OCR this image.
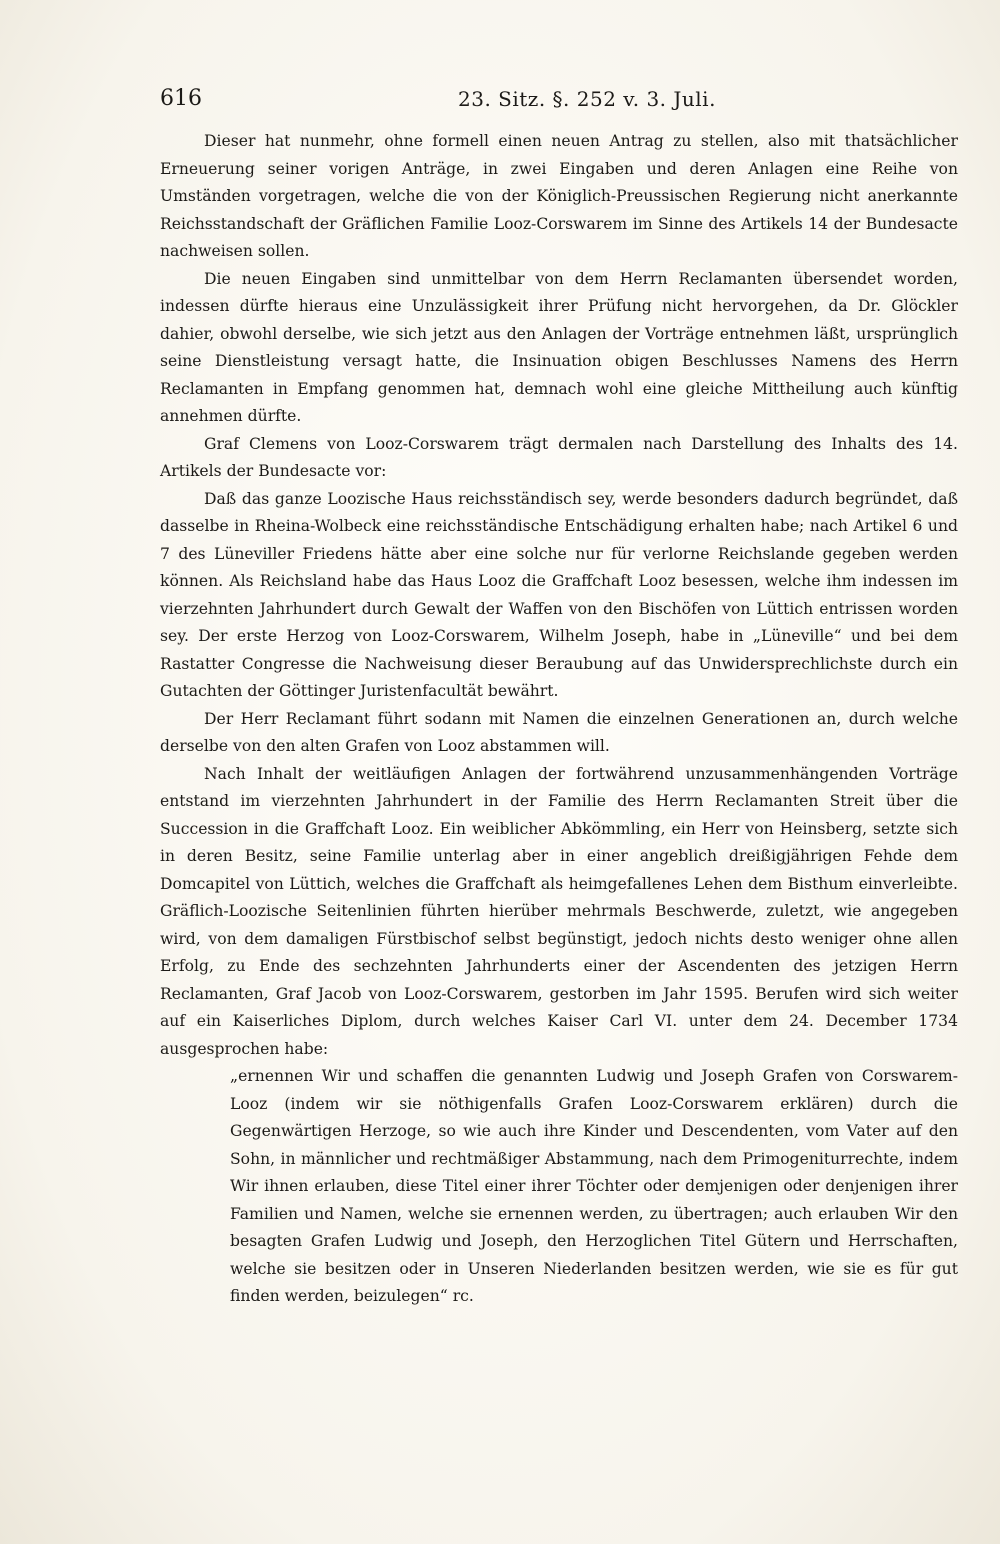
616	23. Sitz. §. 252 v. 3. Juli.

Dieser hat nunmehr, ohne formell einen neuen Antrag zu stellen, also mit thatsächlicher Erneuerung seiner vorigen Anträge, in zwei Eingaben und deren Anlagen eine Reihe von Umständen vorgetragen, welche die von der Königlich-Preussischen Regierung nicht anerkannte Reichsstandschaft der Gräflichen Familie Looz-Corswarem im Sinne des Artikels 14 der Bundesacte nachweisen sollen.

Die neuen Eingaben sind unmittelbar von dem Herrn Reclamanten übersendet worden, indessen dürfte hieraus eine Unzulässigkeit ihrer Prüfung nicht hervorgehen, da Dr. Glöckler dahier, obwohl derselbe, wie sich jetzt aus den Anlagen der Vorträge entnehmen läßt, ursprünglich seine Dienstleistung versagt hatte, die Insinuation obigen Beschlusses Namens des Herrn Reclamanten in Empfang genommen hat, demnach wohl eine gleiche Mittheilung auch künftig annehmen dürfte.

Graf Clemens von Looz-Corswarem trägt dermalen nach Darstellung des Inhalts des 14. Artikels der Bundesacte vor:

Daß das ganze Loozische Haus reichsständisch sey, werde besonders dadurch begründet, daß dasselbe in Rheina-Wolbeck eine reichsständische Entschädigung erhalten habe; nach Artikel 6 und 7 des Lüneviller Friedens hätte aber eine solche nur für verlorne Reichslande gegeben werden können. Als Reichsland habe das Haus Looz die Graffchaft Looz besessen, welche ihm indessen im vierzehnten Jahrhundert durch Gewalt der Waffen von den Bischöfen von Lüttich entrissen worden sey. Der erste Herzog von Looz-Corswarem, Wilhelm Joseph, habe in „Lüneville“ und bei dem Rastatter Congresse die Nachweisung dieser Beraubung auf das Unwidersprechlichste durch ein Gutachten der Göttinger Juristenfacultät bewährt.

Der Herr Reclamant führt sodann mit Namen die einzelnen Generationen an, durch welche derselbe von den alten Grafen von Looz abstammen will.

Nach Inhalt der weitläufigen Anlagen der fortwährend unzusammenhängenden Vorträge entstand im vierzehnten Jahrhundert in der Familie des Herrn Reclamanten Streit über die Succession in die Graffchaft Looz. Ein weiblicher Abkömmling, ein Herr von Heinsberg, setzte sich in deren Besitz, seine Familie unterlag aber in einer angeblich dreißigjährigen Fehde dem Domcapitel von Lüttich, welches die Graffchaft als heimgefallenes Lehen dem Bisthum einverleibte. Gräflich-Loozische Seitenlinien führten hierüber mehrmals Beschwerde, zuletzt, wie angegeben wird, von dem damaligen Fürstbischof selbst begünstigt, jedoch nichts desto weniger ohne allen Erfolg, zu Ende des sechzehnten Jahrhunderts einer der Ascendenten des jetzigen Herrn Reclamanten, Graf Jacob von Looz-Corswarem, gestorben im Jahr 1595. Berufen wird sich weiter auf ein Kaiserliches Diplom, durch welches Kaiser Carl VI. unter dem 24. December 1734 ausgesprochen habe:

„ernennen Wir und schaffen die genannten Ludwig und Joseph Grafen von Corswarem-Looz (indem wir sie nöthigenfalls Grafen Looz-Corswarem erklären) durch die Gegenwärtigen Herzoge, so wie auch ihre Kinder und Descendenten, vom Vater auf den Sohn, in männlicher und rechtmäßiger Abstammung, nach dem Primogeniturrechte, indem Wir ihnen erlauben, diese Titel einer ihrer Töchter oder demjenigen oder denjenigen ihrer Familien und Namen, welche sie ernennen werden, zu übertragen; auch erlauben Wir den besagten Grafen Ludwig und Joseph, den Herzoglichen Titel Gütern und Herrschaften, welche sie besitzen oder in Unseren Niederlanden besitzen werden, wie sie es für gut finden werden, beizulegen“ rc.
